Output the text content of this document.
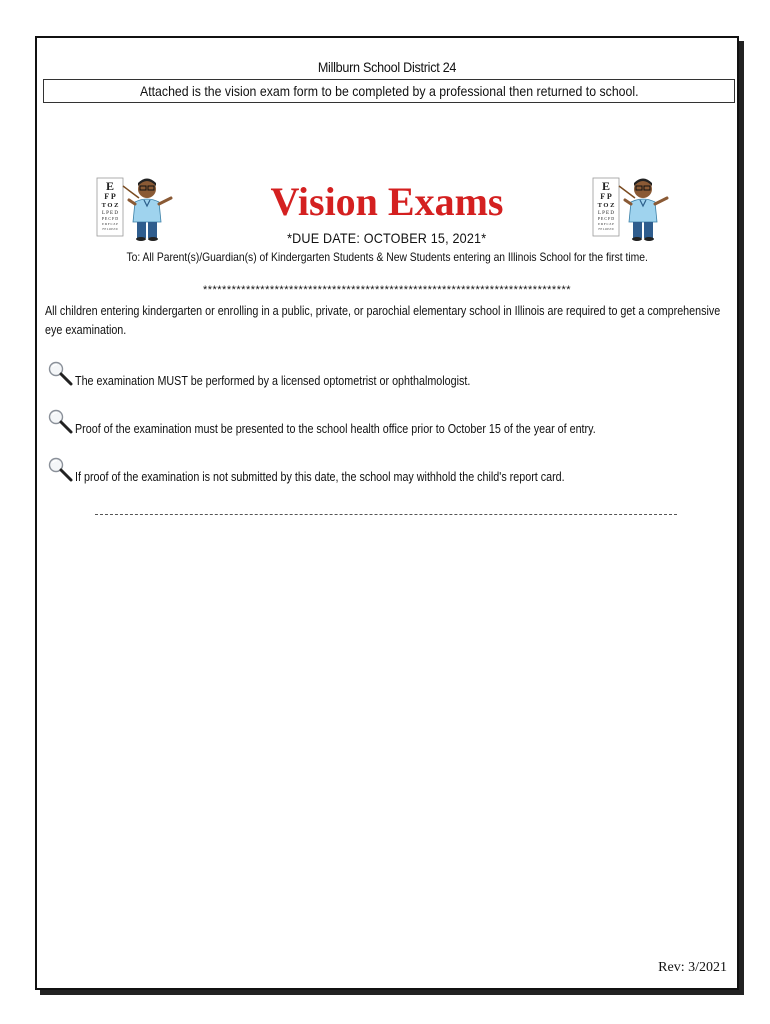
Millburn School District 24
Attached is the vision exam form to be completed by a professional then returned to school.
E
F P
T O Z
L P E D
P E C F D
E D F C Z P
F E L O P Z D
Vision Exams	E
F P
T O Z
L P E D
P E C F D
E D F C Z P
F E L O P Z D
*DUE DATE: OCTOBER 15, 2021*
To: All Parent(s)/Guardian(s) of Kindergarten Students & New Students entering an Illinois School for the first time.
*****************************************************************************
All children entering kindergarten or enrolling in a public, private, or parochial elementary school in Illinois are required to get a comprehensive eye examination.
The examination MUST be performed by a licensed optometrist or ophthalmologist.
Proof of the examination must be presented to the school health office prior to October 15 of the year of entry.
If proof of the examination is not submitted by this date, the school may withhold the child's report card.
Rev: 3/2021
